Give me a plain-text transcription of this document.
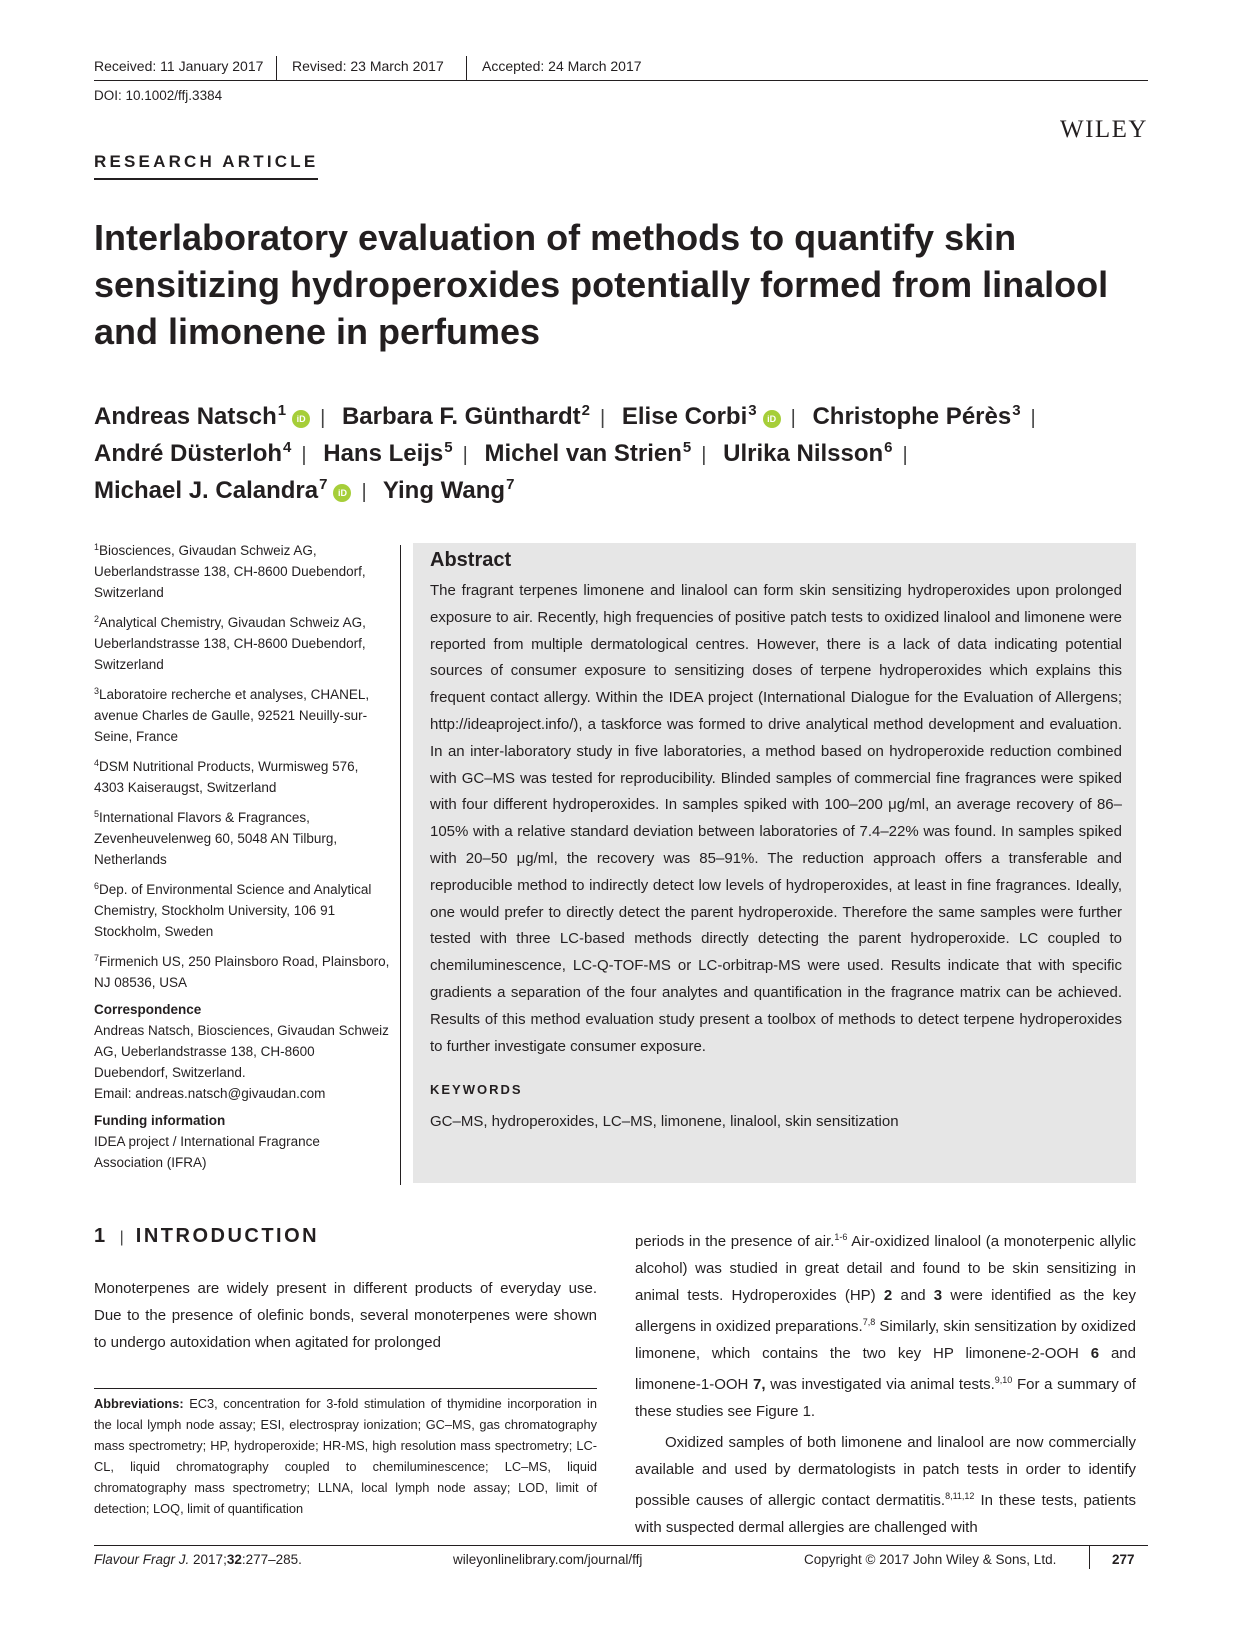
Received: 11 January 2017 Revised: 23 March 2017	Accepted: 24 March 2017
DOI: 10.1002/ffj.3384
WILEY
RESEARCH ARTICLE
Interlaboratory evaluation of methods to quantify skin sensitizing hydroperoxides potentially formed from linalool and limonene in perfumes
Andreas Natsch$^1$ iD | Barbara F. Günthardt$^2$ | Elise Corbi$^3$ iD | Christophe Pérès$^3$ |
André Düsterloh$^4$ | Hans Leijs$^5$ | Michel van Strien$^5$ | Ulrika Nilsson$^6$ |
Michael J. Calandra$^7$ iD | Ying Wang$^7$
$^1$Biosciences, Givaudan Schweiz AG, Ueberlandstrasse 138, CH-8600 Duebendorf, Switzerland
$^2$Analytical Chemistry, Givaudan Schweiz AG, Ueberlandstrasse 138, CH-8600 Duebendorf, Switzerland
$^3$Laboratoire recherche et analyses, CHANEL, avenue Charles de Gaulle, 92521 Neuilly-sur-Seine, France
$^4$DSM Nutritional Products, Wurmisweg 576, 4303 Kaiseraugst, Switzerland
$^5$International Flavors & Fragrances, Zevenheuvelenweg 60, 5048 AN Tilburg, Netherlands
$^6$Dep. of Environmental Science and Analytical Chemistry, Stockholm University, 106 91 Stockholm, Sweden
$^7$Firmenich US, 250 Plainsboro Road, Plainsboro, NJ 08536, USA
Correspondence
Andreas Natsch, Biosciences, Givaudan Schweiz AG, Ueberlandstrasse 138, CH-8600 Duebendorf, Switzerland.
Email: andreas.natsch@givaudan.com
Funding information
IDEA project / International Fragrance Association (IFRA)
Abstract
The fragrant terpenes limonene and linalool can form skin sensitizing hydroperoxides upon prolonged exposure to air. Recently, high frequencies of positive patch tests to oxidized linalool and limonene were reported from multiple dermatological centres. However, there is a lack of data indicating potential sources of consumer exposure to sensitizing doses of terpene hydroperoxides which explains this frequent contact allergy. Within the IDEA project (International Dialogue for the Evaluation of Allergens; http://ideaproject.info/), a taskforce was formed to drive analytical method development and evaluation. In an inter-laboratory study in five laboratories, a method based on hydroperoxide reduction combined with GC–MS was tested for reproducibility. Blinded samples of commercial fine fragrances were spiked with four different hydroperoxides. In samples spiked with 100–200 μg/ml, an average recovery of 86–105% with a relative standard deviation between laboratories of 7.4–22% was found. In samples spiked with 20–50 μg/ml, the recovery was 85–91%. The reduction approach offers a transferable and reproducible method to indirectly detect low levels of hydroperoxides, at least in fine fragrances. Ideally, one would prefer to directly detect the parent hydroperoxide. Therefore the same samples were further tested with three LC-based methods directly detecting the parent hydroperoxide. LC coupled to chemiluminescence, LC-Q-TOF-MS or LC-orbitrap-MS were used. Results indicate that with specific gradients a separation of the four analytes and quantification in the fragrance matrix can be achieved. Results of this method evaluation study present a toolbox of methods to detect terpene hydroperoxides to further investigate consumer exposure.
KEYWORDS
GC–MS, hydroperoxides, LC–MS, limonene, linalool, skin sensitization
1 | INTRODUCTION
Monoterpenes are widely present in different products of everyday use. Due to the presence of olefinic bonds, several monoterpenes were shown to undergo autoxidation when agitated for prolonged
Abbreviations: EC3, concentration for 3-fold stimulation of thymidine incorporation in the local lymph node assay; ESI, electrospray ionization; GC–MS, gas chromatography mass spectrometry; HP, hydroperoxide; HR-MS, high resolution mass spectrometry; LC-CL, liquid chromatography coupled to chemiluminescence; LC–MS, liquid chromatography mass spectrometry; LLNA, local lymph node assay; LOD, limit of detection; LOQ, limit of quantification

periods in the presence of air.$^{1-6}$ Air-oxidized linalool (a monoterpenic allylic alcohol) was studied in great detail and found to be skin sensitizing in animal tests. Hydroperoxides (HP) 2 and 3 were identified as the key allergens in oxidized preparations.$^{7,8}$ Similarly, skin sensitization by oxidized limonene, which contains the two key HP limonene-2-OOH 6 and limonene-1-OOH 7, was investigated via animal tests.$^{9,10}$ For a summary of these studies see Figure 1.

Oxidized samples of both limonene and linalool are now commercially available and used by dermatologists in patch tests in order to identify possible causes of allergic contact dermatitis.$^{8,11,12}$ In these tests, patients with suspected dermal allergies are challenged with

Flavour Fragr J. 2017;32:277–285.	wileyonlinelibrary.com/journal/ffj	Copyright © 2017 John Wiley & Sons, Ltd.	277
